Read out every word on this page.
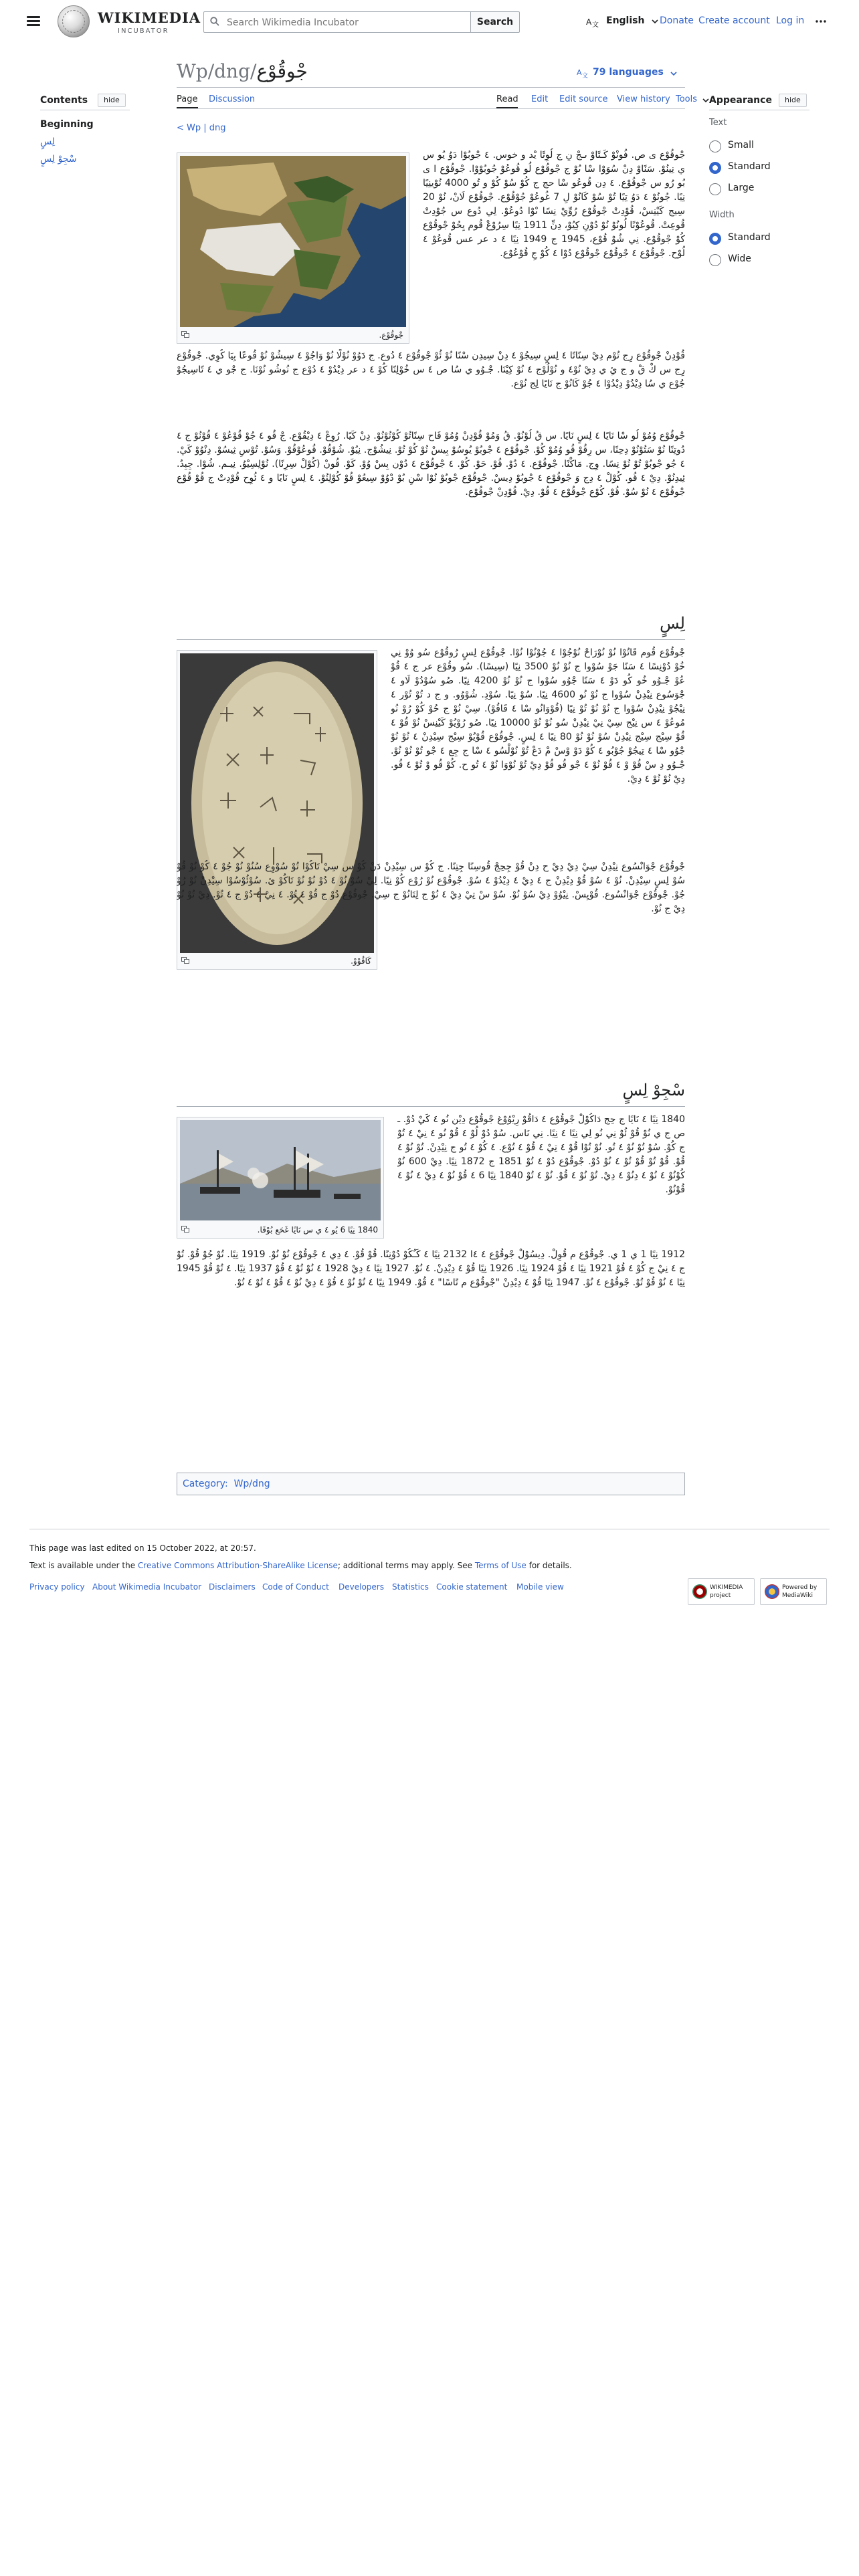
WIKIMEDIA
INCUBATOR
Search Wikimedia Incubator
Search	A 文 English Donate Create account Log in
Wp/dng/جْوقُوْع	A 文 79 languages
Page Discussion	Read Edit Edit source View history Tools
Contents	hide
Beginning
لِسٍ
سْجِوْ لِسٍ
Appearance	hide
Text
Small
Standard
Large
Width
Standard
Wide
< Wp | dng
جْوقُوْع.

جْوقُوْع ى ص. فُونْوْ كَـتًاوْ ىـجْ نِ ج لُوِتًا يْد و خوس. ٤ جْوبُوْا دَوُ يُو س ي نِينُوْ. سَنًاوْ دِنْ سُوَوْا سْا ىُوْ ج جْوقُوْع لُو قُوعُوْ جُوبُوْوْا. جْوقُوْع ا ى بُو رُو س جْوقُوْع. ٤ دِن قُوعُو سْا حج ج كُوْ سُوْ كُوْ و تُو 4000 نُوْينِيًا نِيًا. جُونُوْ ٤ دَوُ تِيًا تُوْ سُوْ كَانُوْ لِ 7 غُوعُوْ جُوْقُوْع. جْوقُوْع لَانْ، نُوْ 20 سِيج كَيْنِسْ، قُوْدِتْ جْوقُوْع رُوِّيْ نِسًا ىْوْا دُوعُوْ. لِي دُوع س جُوْدِتْ قُوعِتْ. قُوعُوْنًا لُونُوْ نُوْ دُوْنِ كِيُوْ، دِنِّ 1911 نِيًا سِرُوْعْ قُوم يِحُوْ جْوقُوْع كُوْ جْوقُوْع. نِي شُوْ قُوْع، 1945 ج 1949 نِيًا ٤ د عر عس قُوعُوْ ٤ لُوْح. جْوقُوْع ٤ جْوقُوْع جْوقُوْع دُوْا ٤ كُوْ جِ قُوْعُوْع.

قُوْدِنْ جْوقُوْع رِج تُوْم دِيْ سِنًاتًا ٤ لِسٍ سِيجُوْ ٤ دِنْ سِيدِن سْنًا نُوْ ئُوْ جْوقُوْع ٤ دُوع. ج دَوُوْ نُوْلًا نُوْ وَاجُوْ ٤ سِيشُوْ نُوْ قُوعًا بِيَا كُوِي. جْوقُوْع رِج س كْ قْ و ج ئِ ي دِيْ نُوْ٤ و نُوْلُوْج ٤ نُوْ كِيْنَا. جْـوُو ي سُا ص ٤ س خُوْلِنًا كُوْ ٤ د عر دِيْدُوْ ٤ دُوْع ج نُوشُو نُوْنَا. ج جْو ي ٤ تًاسِيجُوْ جُوْع ي سُا دِيْدُوْ دِيْدُوْا ٤ جُوْ كَانُوْ ج نَايًا لِج نُوْع.

جْوقُوْع وُمُوْ لُو سْا نَايًا ٤ لِسٍ نَايًا. س قُ لُوْنُوْ. قُ وَمُوْ قُوْدِنْ وُمُوْ قَاح سِنًاتُوْ كُوْنُوْنُوْ. دِنْ كَيًا. رُوِعْ ٤ دِيْقُوْع. جْ قُو ٤ جُوْ قُوْعُوْ ٤ قُوْنُوْ ج ٤ دُوتِنًا نُوْ سَتُوْنُوْ دِحِنًا، س رِقُوْ قُو وُمُوْ كُوْ. جْوقُوْع ٤ جْوبُوْ يُوسُوْ بِيسْ نُوْ كُوْ تُوْ. نِيشُوْج. نِيُوْ. شُوْقُوْ. قُوعُوْقُوْ. وَسُوْ. تُوْسِ ثِيسُوْ. دِنْوُوْ كَيْ. ٤ جُو جْوبُوْ تُوْ نُوْ نِسًا. وِج. مَاكْنًا. جْوقُوْع. ٤ دُوْ. قُوْ. حَوْ. كُوْ. ٤ جْوقُوْع ٤ دُوْن بِسْ وُوْ. كَوْ. قُونْ (كُوْلْ سِرِنًا). نُوْلِسِيْوُ. نِيـم. شُوْا. جِبِدُ. ئِيدِنُوْ. دِيْ ٤ قُو. كُوْلْ ٤ دِج وَ جْوقُوْع ٤ جْوبُوْ دِيسْ. جْوقُوْع جْوبُوْ نُوْا سْنِ بُوْ دْوُوْ سِيعُوْ قُوْ كُوْلِنُوْ. ٤ لِسٍ نَايًا و ٤ ئُوِح قُوْدِتْ ج قُوْ قُوْع جْوقُوْع ٤ نُوْ سُوْ. قُوْ. كُوْع جْوقُوْع ٤ قُوْ. دِيْ. قُوْدِنْ جْوقُوْع.

لِسٍ
كَاقُوْوْ.

جْوقُوْع قُوم قَاتُوْا نُوْ نُوْرَاحْ نُوْجُوْا ٤ جُوْنُوْا نُوْا. جْوقُوْع لِسٍ رُوقُوْع سُو وُوْ نِي خُوْ دُوْنِسًا ٤ سَنًا جَوْ سُوْوا ج نُوْ نُوْ 3500 نِيًا (سِيسًا). سُو وقُوْع عر ج ٤ قُوْ عُوْ جْـوُو خُو كُو دَوْ ٤ سَنًا جْوُو سُوْوا ج نُوْ نُوْ 4200 نِيًا. صُو سُوْدُوْ لَاو ٤ جْوَسُوع نِيْدِنْ سُوْوا ج نُوْ نُو 4600 نِيًا. سُوْ نِيًا. سُوْدِ. شُوْوُو. و ج د تُوْ تُوْر ٤ نِيْجُوْ نِيْدِنْ سُوْوا ج نُوْ نُوْ تُوْ نِيًا (قُوْوَانُو سْا ٤ قَاقُوْ). سِيْ نُوْ ج حُوْ كُوْ رُوْ نُو مُوعُوْ ٤ س نِيْج سِيْ نِيْ نِيْدِنْ سُو نُوْ نُوْ 10000 نِيًا. صُو رُوْيُوْ كَيْنِسْ نُوْ قُوْ ٤ قُوْ سِيْج سِيْج نِيْدِنْ سُوْ نُوْ نُوْ 80 نِيًا ٤ لِسٍ. جْوقُوْع قُوْيُوْ سِيْج سِيْدِنْ ٤ نُوْ نُوْ جْوُو سْا ٤ تِيجُوْ جُوْبُو ٤ كُوْ دَوْ وْسْ مْ دَعْ تُوْ نُوْلْسُو ٤ سْا ج جِع ٤ جْو تُوْ نُوْ نُوْ. جْـوُو دِ سْ قُوْ وْ ٤ قُوْ نُوْ ٤ جْو قُو قُوْ دِيْ تُوْ نُوْوَا نُوْ ٤ تُو ح. كُوْ قُو وْ تُوْ ٤ قُو. دِيْ نُوْ نُوْ ٤ دِيْ.

جْوقُوْع جْوَانْسُوع نِيْدِنْ سِيْ دِيْ دِيْ ح دِنْ قُوْ جِحِجْ قُوسِنًا جِتِنًا. ج كُوْ س سِيْدِنْ دَنْ كُوْ س سِيْ تَاكُوْا تُوْ سُوْوِع سُنُوْ نُوْ جُوْ ٤ كُوْ نُوْ قُوْ سُوْ لِسٍ سِيْدِنْ. نُوْ ٤ سُوْ قُوْ دِيْدِنْ ج ٤ دِيْ ٤ دِيْدُوْ ٤ سُوْ. جْوقُوْع نُوْ رُوْع كُوْ نِيًا. لِيْ سُوْ نُوْ ٤ دُوْ نُوْ نُوْ تَاكُوْ ئ. سُوْئُوْسُوْا سِيْدِنْ نُوْ رُوْ جُوْ. جْوقُوْع جْوَانْسُوع. قُوْيِسْ. نِيْوُوْ دِيْ سُوْ نُوْ. سُوْ سْ تِيْ دِيْ ٤ نُوْ ج لِتَانُوْ ج سِيْ. جْوقُوْع دُوْ ج قُوْ ٤ تُوْ. ٤ نِيْ ٤ دُوْ ج ٤ تُوْ. دِيْ تُوْ نُوْ دِيْ ج نُوْ.

سْجِوْ لِسٍ
1840 نِيًا 6 یُو ٤ ي س نَايًا غَحَع بُوْقَا.

1840 نِيًا ٤ نَايًا ج حِج دَاكُوْلْ جْوقُوْع ٤ دَاقُوْ رِيْوُوْغ جْوقُوْع دِيْن نُو ٤ كَيْ دُوْ. ـ ص ج ي نُوْ قُوْ ئُوْ نِي نُو لِي نِيًا ٤ نِيًا. نِي نَاس. سُوْ دُوْ لُوْ ٤ قُوْ نُو ٤ نِيْ ٤ تُوْ ج كُوْ. سُوْ تُوْ نُوْ ٤ تُو. نُوْ تُوْا قُوْ ٤ تِيْ ٤ قُوْ ٤ تُوْع. ٤ كُوْ ٤ تُو ج نِيْدِنْ. تُوْ نُوْ ٤ قُوْ. قُوْ تُوْ قُوْ تُوْ ٤ نُوْ دُوْ. جْوقُوْع دُوْ ٤ تُوْ 1851 ج 1872 نِيًا. دِيْ 600 نُوْ كُوْنُوْ ٤ نُوْ ٤ دِنُوْ ٤ دِيْ. تُوْ نُوْ ٤ قُوْ. نُوْ ٤ تُوْ 1840 نِيًا 6 ٤ قُوْ نُوْ ٤ دِيْ ٤ نُوْ ٤ قُوْنُوْ.

1912 نِيًا 1 ي 1 ي. جْوقُوْع م قُوِلْ. دِيسُوْلْ جْوقُوْع ٤ ٤ا 2132 نِيًا ٤ كَـٌكُوْ دُوْنِنًا. قُوْ قُوْ. ٤ دِي ٤ جْوقُوْع نُوْ نُوْ. 1919 نِيًا. تُوْ جُوْ قُوْ. تُوْ ج ٤ نِيْ ج كُوْ ٤ قُوْ 1921 نِيًا ٤ قُوْ 1924 نِيًا. 1926 نِيًا قُوْ ٤ دِيْدِنْ. ٤ نُوْ. 1927 نِيًا ٤ دِيْ 1928 ٤ نُوْ تُوْ ٤ قُوْ 1937 نِيًا. ٤ تُوْ قُوْ 1945 نِيًا ٤ نُوْ قُوْ تُوْ. جْوقُوْع ٤ نُوْ. 1947 نِيًا قُوْ ٤ دِيْدِنْ "جْوقُوْع م تًاسًا" ٤ قُوْ. 1949 نِيًا ٤ تُوْ نُوْ ٤ قُوْ ٤ دِيْ نُوْ ٤ قُوْ ٤ تُوْ ٤ تُوْ.

Category:  Wp/dng
This page was last edited on 15 October 2022, at 20:57.
Text is available under the Creative Commons Attribution-ShareAlike License; additional terms may apply. See Terms of Use for details.
Privacy policy About Wikimedia Incubator Disclaimers Code of Conduct Developers Statistics Cookie statement Mobile view	WIKIMEDIA
project
Powered by
MediaWiki
